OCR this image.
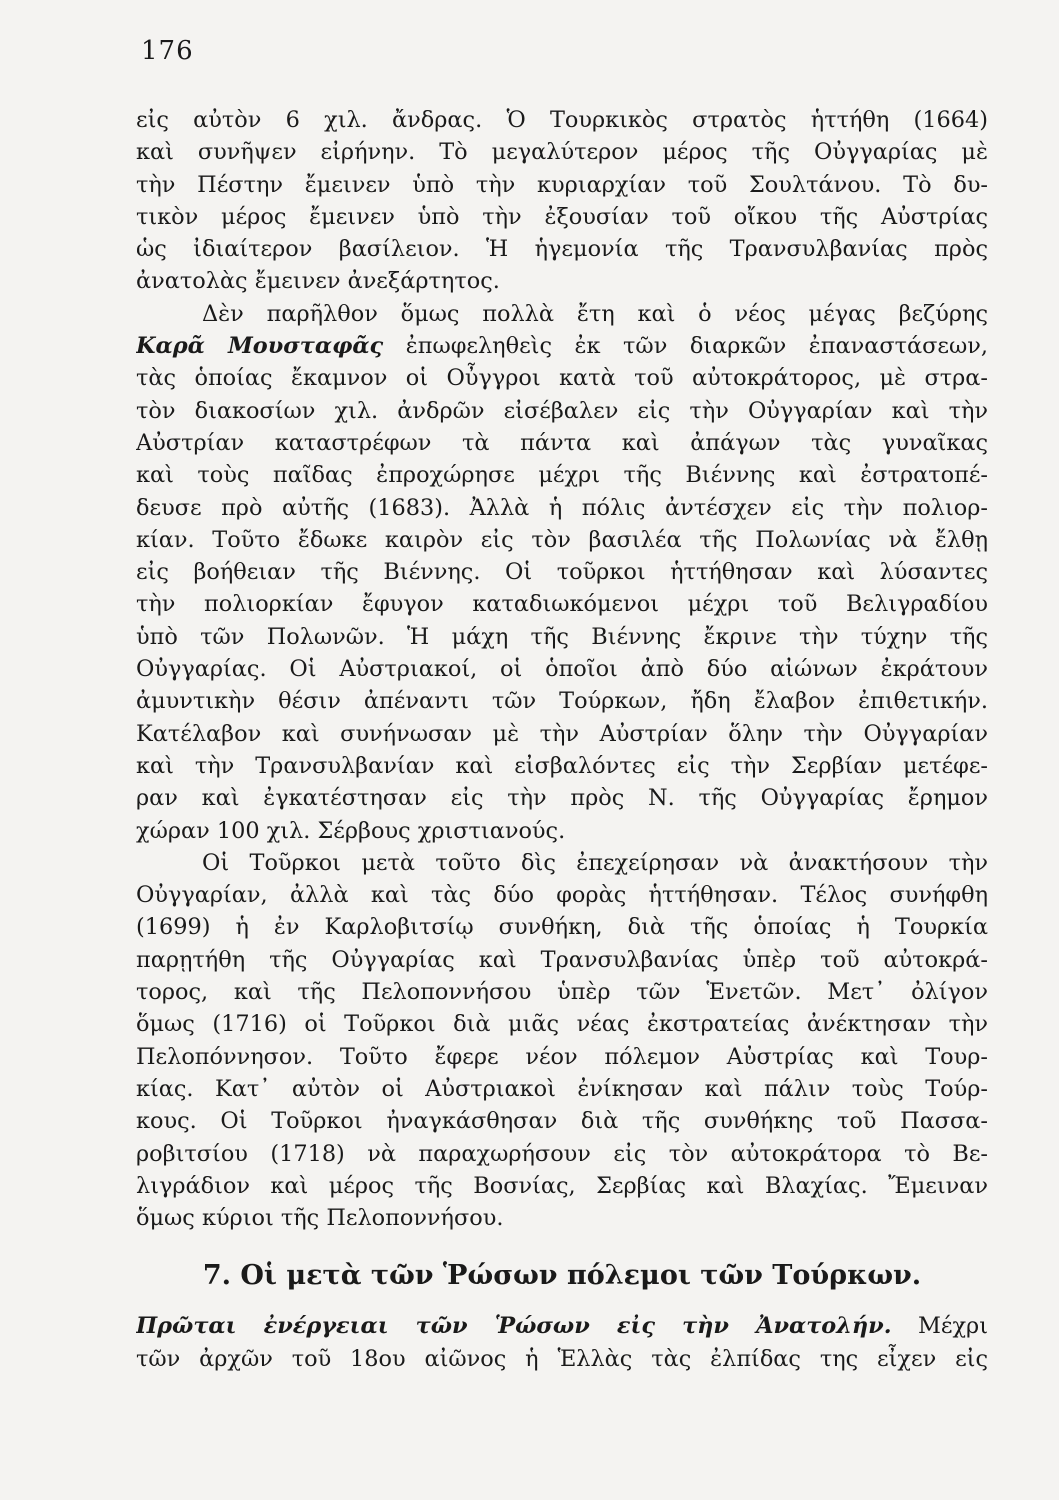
176
εἰς αὐτὸν 6 χιλ. ἄνδρας. Ὁ Τουρκικὸς στρατὸς ἡττήθη (1664)
καὶ συνῆψεν εἰρήνην. Τὸ μεγαλύτερον μέρος τῆς Οὐγγαρίας μὲ
τὴν Πέστην ἔμεινεν ὑπὸ τὴν κυριαρχίαν τοῦ Σουλτάνου. Τὸ δυ-
τικὸν μέρος ἔμεινεν ὑπὸ τὴν ἐξουσίαν τοῦ οἴκου τῆς Αὐστρίας
ὡς ἰδιαίτερον βασίλειον. Ἡ ἡγεμονία τῆς Τρανσυλβανίας πρὸς
ἀνατολὰς ἔμεινεν ἀνεξάρτητος.
Δὲν παρῆλθον ὅμως πολλὰ ἔτη καὶ ὁ νέος μέγας βεζύρης
Καρᾶ Μουσταφᾶς ἐπωφεληθεὶς ἐκ τῶν διαρκῶν ἐπαναστάσεων,
τὰς ὁποίας ἔκαμνον οἱ Οὖγγροι κατὰ τοῦ αὐτοκράτορος, μὲ στρα-
τὸν διακοσίων χιλ. ἀνδρῶν εἰσέβαλεν εἰς τὴν Οὐγγαρίαν καὶ τὴν
Αὐστρίαν καταστρέφων τὰ πάντα καὶ ἀπάγων τὰς γυναῖκας
καὶ τοὺς παῖδας ἐπροχώρησε μέχρι τῆς Βιέννης καὶ ἐστρατοπέ-
δευσε πρὸ αὐτῆς (1683). Ἀλλὰ ἡ πόλις ἀντέσχεν εἰς τὴν πολιορ-
κίαν. Τοῦτο ἔδωκε καιρὸν εἰς τὸν βασιλέα τῆς Πολωνίας νὰ ἔλθῃ
εἰς βοήθειαν τῆς Βιέννης. Οἱ τοῦρκοι ἡττήθησαν καὶ λύσαντες
τὴν πολιορκίαν ἔφυγον καταδιωκόμενοι μέχρι τοῦ Βελιγραδίου
ὑπὸ τῶν Πολωνῶν. Ἡ μάχη τῆς Βιέννης ἔκρινε τὴν τύχην τῆς
Οὐγγαρίας. Οἱ Αὐστριακοί, οἱ ὁποῖοι ἀπὸ δύο αἰώνων ἐκράτουν
ἀμυντικὴν θέσιν ἀπέναντι τῶν Τούρκων, ἤδη ἔλαβον ἐπιθετικήν.
Κατέλαβον καὶ συνήνωσαν μὲ τὴν Αὐστρίαν ὅλην τὴν Οὐγγαρίαν
καὶ τὴν Τρανσυλβανίαν καὶ εἰσβαλόντες εἰς τὴν Σερβίαν μετέφε-
ραν καὶ ἐγκατέστησαν εἰς τὴν πρὸς Ν. τῆς Οὐγγαρίας ἔρημον
χώραν 100 χιλ. Σέρβους χριστιανούς.
Οἱ Τοῦρκοι μετὰ τοῦτο δὶς ἐπεχείρησαν νὰ ἀνακτήσουν τὴν
Οὐγγαρίαν, ἀλλὰ καὶ τὰς δύο φορὰς ἡττήθησαν. Τέλος συνήφθη
(1699) ἡ ἐν Καρλοβιτσίῳ συνθήκη, διὰ τῆς ὁποίας ἡ Τουρκία
παρῃτήθη τῆς Οὐγγαρίας καὶ Τρανσυλβανίας ὑπὲρ τοῦ αὐτοκρά-
τορος, καὶ τῆς Πελοποννήσου ὑπὲρ τῶν Ἑνετῶν. Μετ᾿ ὀλίγον
ὅμως (1716) οἱ Τοῦρκοι διὰ μιᾶς νέας ἐκστρατείας ἀνέκτησαν τὴν
Πελοπόννησον. Τοῦτο ἔφερε νέον πόλεμον Αὐστρίας καὶ Τουρ-
κίας. Κατ᾿ αὐτὸν οἱ Αὐστριακοὶ ἐνίκησαν καὶ πάλιν τοὺς Τούρ-
κους. Οἱ Τοῦρκοι ἠναγκάσθησαν διὰ τῆς συνθήκης τοῦ Πασσα-
ροβιτσίου (1718) νὰ παραχωρήσουν εἰς τὸν αὐτοκράτορα τὸ Βε-
λιγράδιον καὶ μέρος τῆς Βοσνίας, Σερβίας καὶ Βλαχίας. Ἔμειναν
ὅμως κύριοι τῆς Πελοποννήσου.
7. Οἱ μετὰ τῶν Ῥώσων πόλεμοι τῶν Τούρκων.
Πρῶται ἐνέργειαι τῶν Ῥώσων εἰς τὴν Ἀνατολήν. Μέχρι
τῶν ἀρχῶν τοῦ 18ου αἰῶνος ἡ Ἑλλὰς τὰς ἐλπίδας της εἶχεν εἰς
